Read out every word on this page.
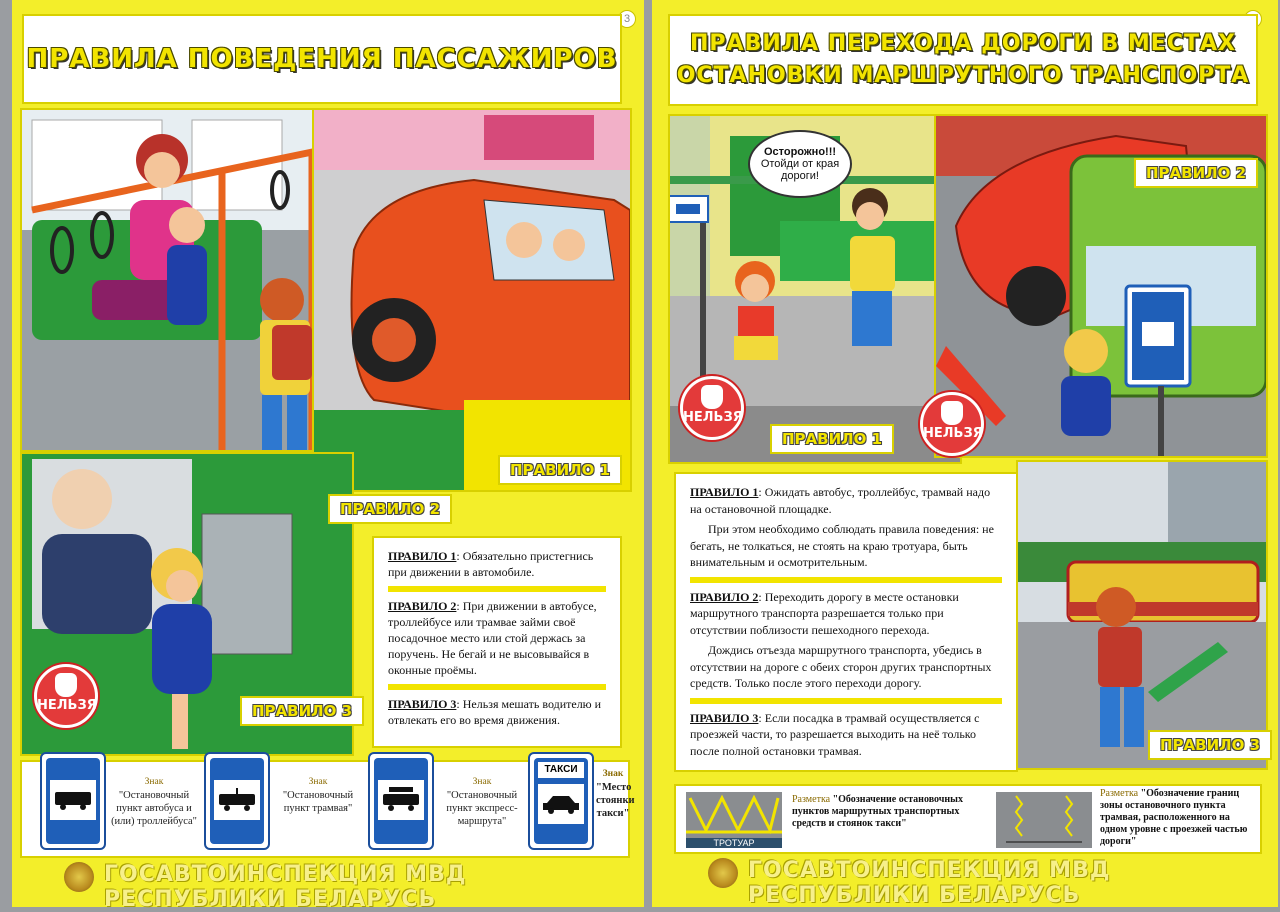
3
ПРАВИЛА ПОВЕДЕНИЯ ПАССАЖИРОВ
НЕЛЬЗЯ
ПРАВИЛО 1
ПРАВИЛО 2
ПРАВИЛО 3

ПРАВИЛО 1: Обязательно пристегнись при движении в автомобиле.

ПРАВИЛО 2: При движении в автобусе, троллейбусе или трамвае займи своё посадочное место или стой держась за поручень. Не бегай и не высовывайся в оконные проёмы.

ПРАВИЛО 3: Нельзя мешать водителю и отвлекать его во время движения.

Знак
"Остановочный пункт автобуса и (или) троллейбуса"
Знак
"Остановочный пункт трамвая"
Знак
"Остановочный пункт экспресс-маршрута"
ТАКСИ	Знак
"Место стоянки такси"
ГОСАВТОИНСПЕКЦИЯ МВД РЕСПУБЛИКИ БЕЛАРУСЬ
ПРАВИЛА ПЕРЕХОДА ДОРОГИ В МЕСТАХ
ОСТАНОВКИ МАРШРУТНОГО ТРАНСПОРТА
Осторожно!!!
Отойди от края дороги!
НЕЛЬЗЯ
НЕЛЬЗЯ
ПРАВИЛО 1
ПРАВИЛО 2
ПРАВИЛО 3

ПРАВИЛО 1: Ожидать автобус, троллейбус, трамвай надо на остановочной площадке.

При этом необходимо соблюдать правила поведения: не бегать, не толкаться, не стоять на краю тротуара, быть внимательным и осмотрительным.

ПРАВИЛО 2: Переходить дорогу в месте остановки маршрутного транспорта разрешается только при отсутствии поблизости пешеходного перехода.

Дождись отъезда маршрутного транспорта, убедись в отсутствии на дороге с обеих сторон других транспортных средств. Только после этого переходи дорогу.

ПРАВИЛО 3: Если посадка в трамвай осуществляется с проезжей части, то разрешается выходить на неё только после полной остановки трамвая.

ТРОТУАР
Разметка "Обозначение остановочных пунктов маршрутных транспортных средств и стоянок такси"
Разметка "Обозначение границ зоны остановочного пункта трамвая, расположенного на одном уровне с проезжей частью дороги"
ГОСАВТОИНСПЕКЦИЯ МВД РЕСПУБЛИКИ БЕЛАРУСЬ
